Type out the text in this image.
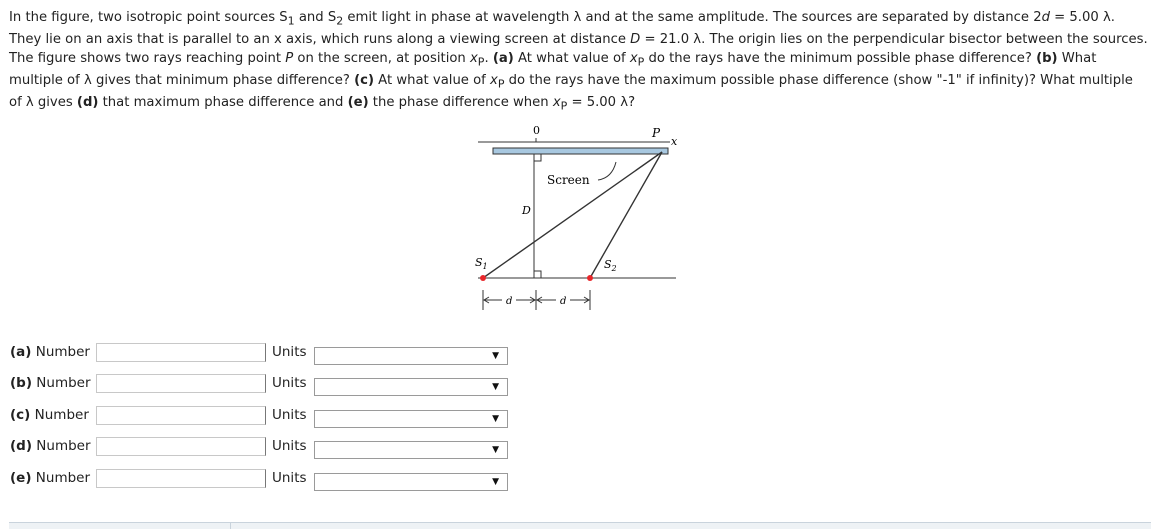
In the figure, two isotropic point sources $S_1$ and $S_2$ emit light in phase at wavelength λ and at the same amplitude. The sources are separated by distance 2d = 5.00 λ. They lie on an axis that is parallel to an x axis, which runs along a viewing screen at distance D = 21.0 λ. The origin lies on the perpendicular bisector between the sources. The figure shows two rays reaching point P on the screen, at position $x_P$. (a) At what value of $x_P$ do the rays have the minimum possible phase difference? (b) What multiple of λ gives that minimum phase difference? (c) At what value of $x_P$ do the rays have the maximum possible phase difference (show "-1" if infinity)? What multiple of λ gives (d) that maximum phase difference and (e) the phase difference when $x_P = 5.00$ λ?

0	P
x
Screen
D
$S_1$	$S_2$
d	d
(a) Number	Units	▼
(b) Number	Units	▼
(c) Number	Units	▼
(d) Number	Units	▼
(e) Number	Units	▼
